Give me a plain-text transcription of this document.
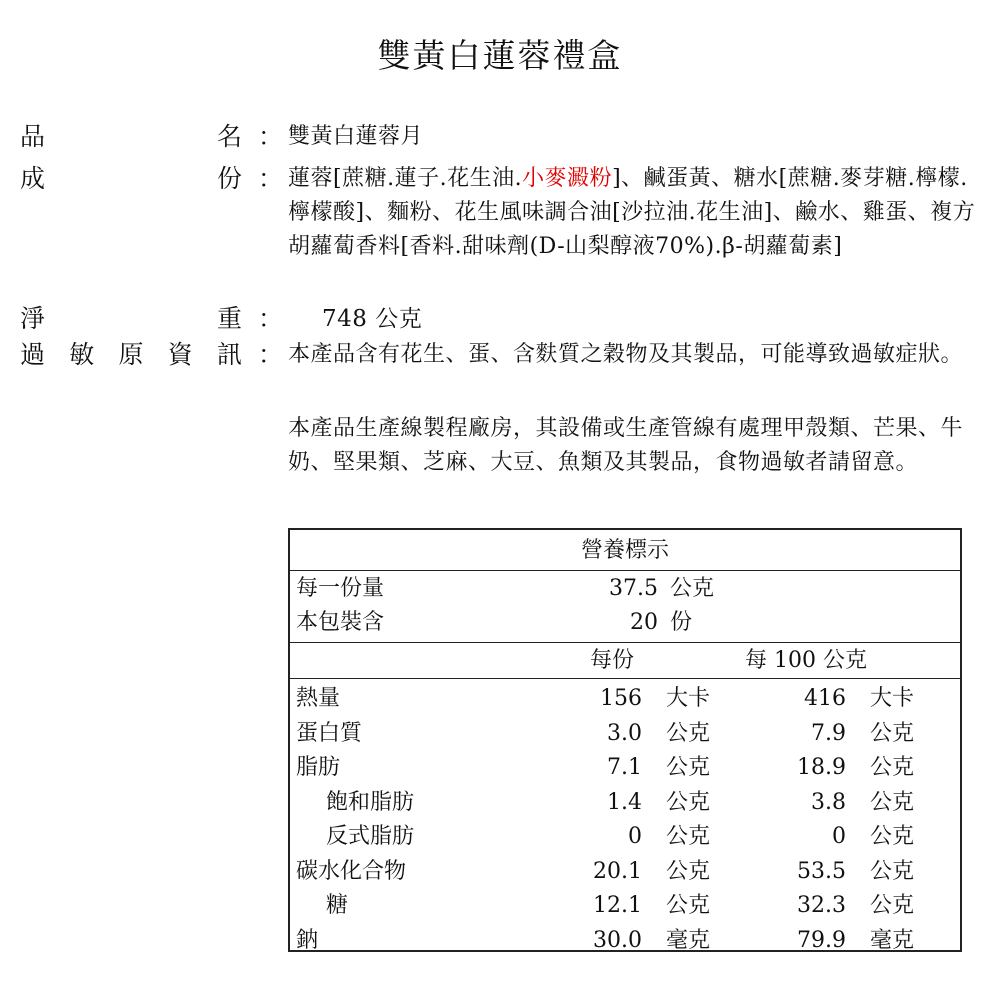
雙黃白蓮蓉禮盒
品	名 ： 雙黃白蓮蓉月
成	份 ： 蓮蓉[蔗糖.蓮子.花生油.小麥澱粉]、鹹蛋黃、糖水[蔗糖.麥芽糖.檸檬.檸檬酸]、麵粉、花生風味調合油[沙拉油.花生油]、鹼水、雞蛋、複方胡蘿蔔香料[香料.甜味劑(D-山梨醇液70%).β-胡蘿蔔素]
淨	重 ： 748 公克
過 敏 原 資 訊 ： 本產品含有花生、蛋、含麩質之穀物及其製品，可能導致過敏症狀。
本產品生產線製程廠房，其設備或生產管線有處理甲殼類、芒果、牛奶、堅果類、芝麻、大豆、魚類及其製品，食物過敏者請留意。
營養標示
每一份量	37.5 公克
本包裝含	20 份
每份	每 100 公克
熱量	156 大卡	416 大卡
蛋白質	3.0 公克	7.9 公克
脂肪	7.1 公克	18.9 公克
飽和脂肪	1.4 公克	3.8 公克
反式脂肪	0 公克	0 公克
碳水化合物	20.1 公克	53.5 公克
糖	12.1 公克	32.3 公克
鈉	30.0 毫克	79.9 毫克
